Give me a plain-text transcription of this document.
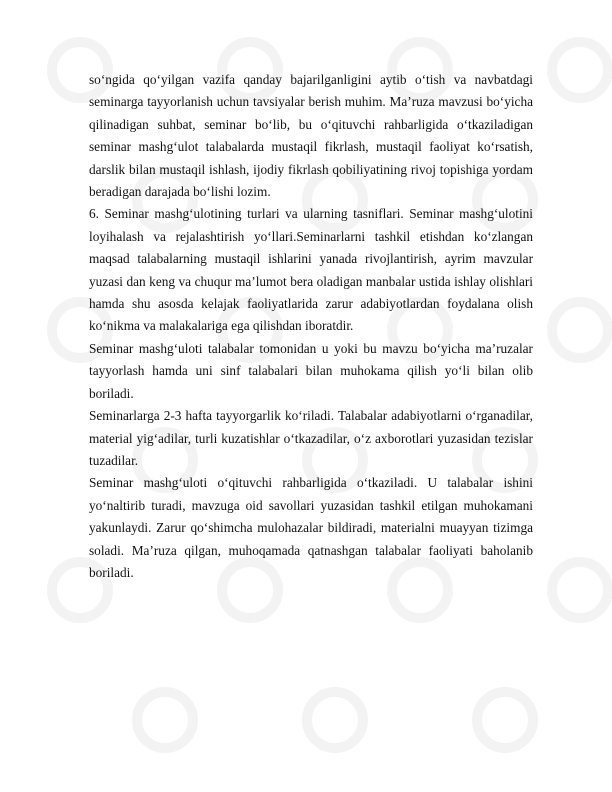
so‘ngida qo‘yilgan vazifa qanday bajarilganligini aytib o‘tish va navbatdagi seminarga tayyorlanish uchun tavsiyalar berish muhim. Ma’ruza mavzusi bo‘yicha qilinadigan suhbat, seminar bo‘lib, bu o‘qituvchi rahbarligida o‘tkaziladigan seminar mashg‘ulot talabalarda mustaqil fikrlash, mustaqil faoliyat ko‘rsatish, darslik bilan mustaqil ishlash, ijodiy fikrlash qobiliyatining rivoj topishiga yordam beradigan darajada bo‘lishi lozim.

6. Seminar mashg‘ulotining turlari va ularning tasniflari. Seminar mashg‘ulotini loyihalash va rejalashtirish yo‘llari.Seminarlarni tashkil etishdan ko‘zlangan maqsad talabalarning mustaqil ishlarini yanada rivojlantirish, ayrim mavzular yuzasi dan keng va chuqur ma’lumot bera oladigan manbalar ustida ishlay olishlari hamda shu asosda kelajak faoliyatlarida zarur adabiyotlardan foydalana olish ko‘nikma va malakalariga ega qilishdan iboratdir.

Seminar mashg‘uloti talabalar tomonidan u yoki bu mavzu bo‘yicha ma’ruzalar tayyorlash hamda uni sinf talabalari bilan muhokama qilish yo‘li bilan olib boriladi.

Seminarlarga 2-3 hafta tayyorgarlik ko‘riladi. Talabalar adabiyotlarni o‘rganadilar, material yig‘adilar, turli kuzatishlar o‘tkazadilar, o‘z axborotlari yuzasidan tezislar tuzadilar.

Seminar mashg‘uloti o‘qituvchi rahbarligida o‘tkaziladi. U talabalar ishini yo‘naltirib turadi, mavzuga oid savollari yuzasidan tashkil etilgan muhokamani yakunlaydi. Zarur qo‘shimcha mulohazalar bildiradi, materialni muayyan tizimga soladi. Ma’ruza qilgan, muhoqamada qatnashgan talabalar faoliyati baholanib boriladi.
